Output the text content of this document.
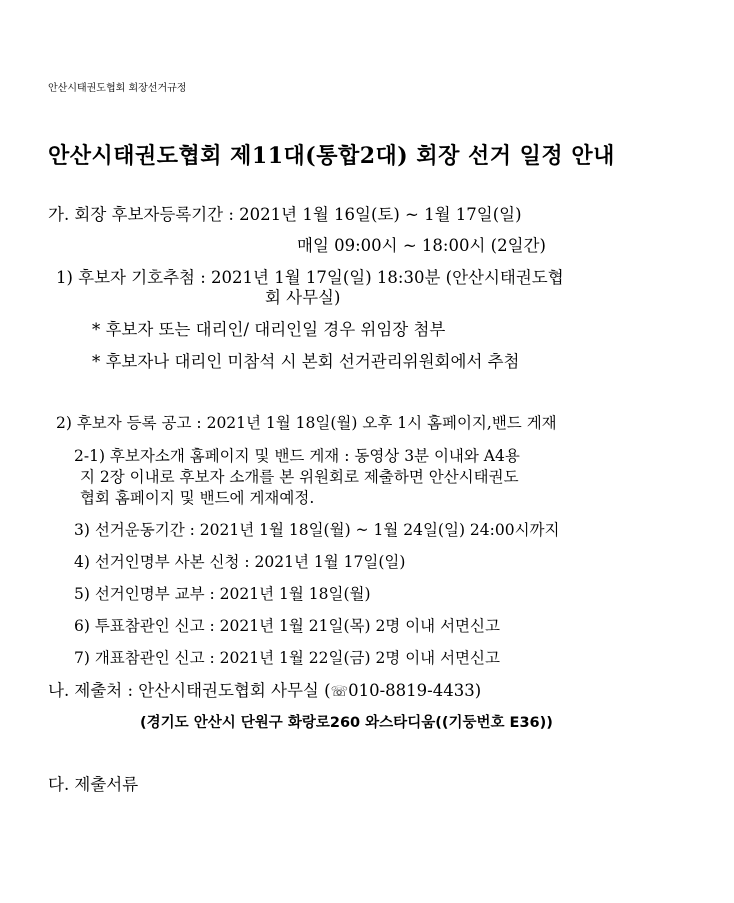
안산시태권도협회 회장선거규정
안산시태권도협회 제11대(통합2대) 회장 선거 일정 안내
가. 회장 후보자등록기간 : 2021년 1월 16일(토) ~ 1월 17일(일)
매일 09:00시 ~ 18:00시 (2일간)
1) 후보자 기호추첨 : 2021년 1월 17일(일) 18:30분 (안산시태권도협
회 사무실)
* 후보자 또는 대리인/ 대리인일 경우 위임장 첨부
* 후보자나 대리인 미참석 시 본회 선거관리위원회에서 추첨
2) 후보자 등록 공고 : 2021년 1월 18일(월) 오후 1시 홈페이지,밴드 게재
2-1) 후보자소개 홈페이지 및 밴드 게재 : 동영상 3분 이내와 A4용
지 2장 이내로 후보자 소개를 본 위원회로 제출하면 안산시태권도
협회 홈페이지 및 밴드에 게재예정.
3) 선거운동기간 : 2021년 1월 18일(월) ~ 1월 24일(일) 24:00시까지
4) 선거인명부 사본 신청 : 2021년 1월 17일(일)
5) 선거인명부 교부 : 2021년 1월 18일(월)
6) 투표참관인 신고 : 2021년 1월 21일(목) 2명 이내 서면신고
7) 개표참관인 신고 : 2021년 1월 22일(금) 2명 이내 서면신고
나. 제출처 : 안산시태권도협회 사무실 (☏010-8819-4433)
(경기도 안산시 단원구 화랑로260 와스타디움((기둥번호 E36))
다. 제출서류
